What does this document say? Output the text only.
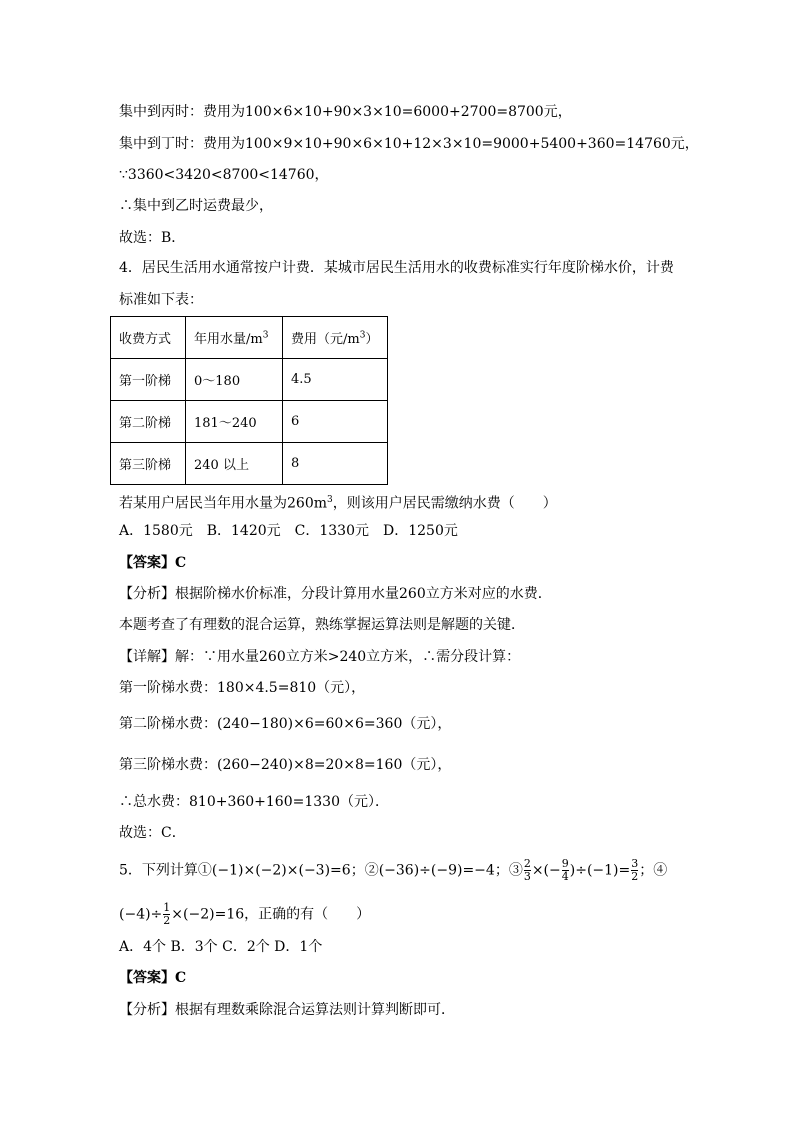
集中到丙时：费用为100×6×10+90×3×10=6000+2700=8700元，
集中到丁时：费用为100×9×10+90×6×10+12×3×10=9000+5400+360=14760元，
∵3360<3420<8700<14760，
∴集中到乙时运费最少，
故选：B．
4．居民生活用水通常按户计费．某城市居民生活用水的收费标准实行年度阶梯水价，计费
标准如下表：
收费方式	年用水量$/m^3$	费用（元$/m^3$）
第一阶梯	0～180	4.5
第二阶梯	181～240	6
第三阶梯	240 以上	8
若某用户居民当年用水量为$260m^3$，则该用户居民需缴纳水费（　　）
A．1580元　B．1420元　C．1330元　D．1250元
【答案】C
【分析】根据阶梯水价标准，分段计算用水量260立方米对应的水费．
本题考查了有理数的混合运算，熟练掌握运算法则是解题的关键．
【详解】解：∵用水量260立方米>240立方米，∴需分段计算：
第一阶梯水费：180×4.5=810（元），
第二阶梯水费：(240−180)×6=60×6=360（元），
第三阶梯水费：(260−240)×8=20×8=160（元），
∴总水费：810+360+160=1330（元）．
故选：C．
5．下列计算①(−1)×(−2)×(−3)=6；②(−36)÷(−9)=−4；③ $\frac{2}{3}$ ×(− $\frac{9}{4} )\div(-1)= \frac{3}{2}$ ；④
$(-4)\div \frac{1}{2} \times(-2)=16$，正确的有（　　）
A．4个 B．3个 C．2个 D．1个
【答案】C
【分析】根据有理数乘除混合运算法则计算判断即可．
